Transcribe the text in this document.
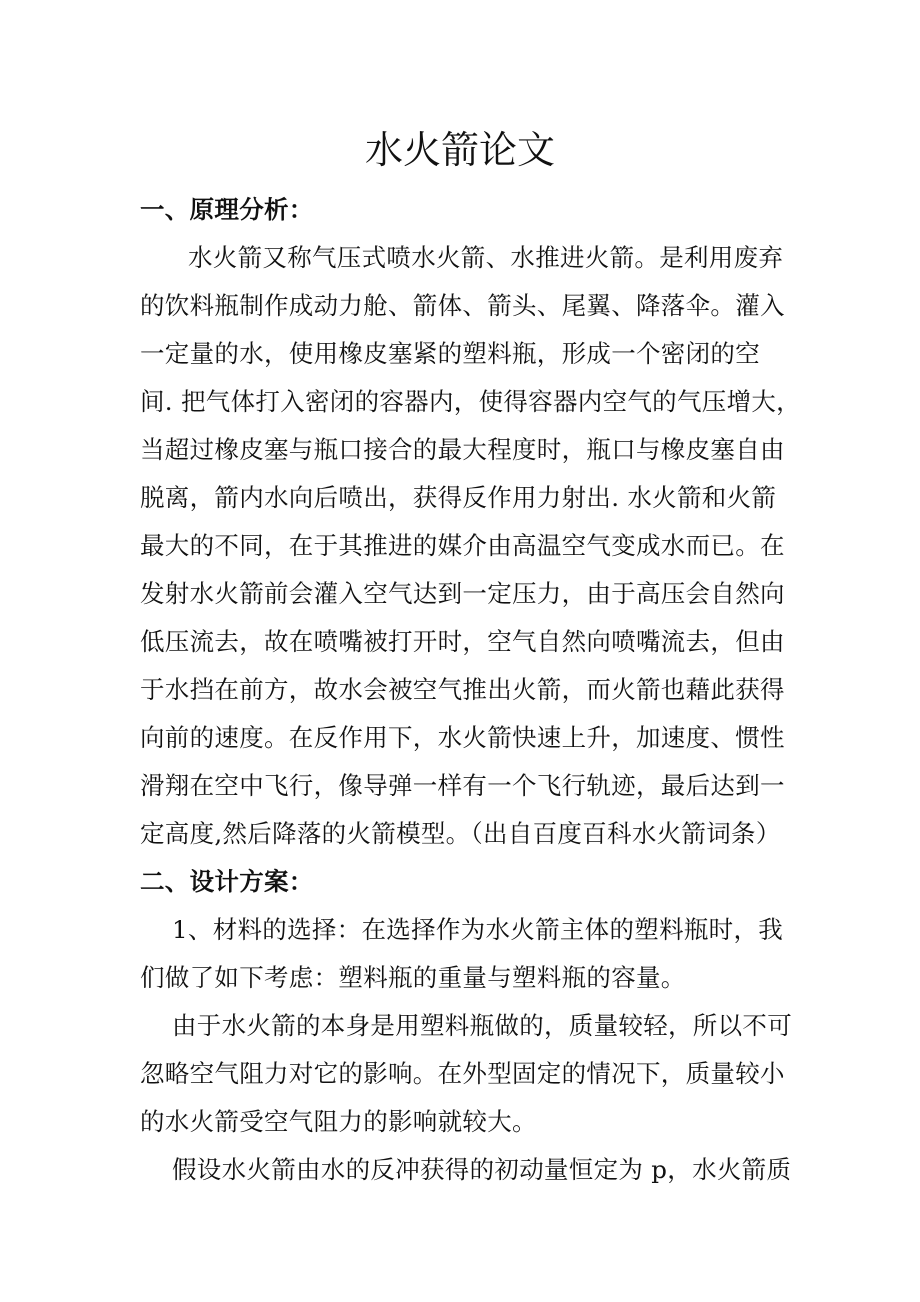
水火箭论文

一、原理分析：

水火箭又称气压式喷水火箭、水推进火箭。是利用废弃

的饮料瓶制作成动力舱、箭体、箭头、尾翼、降落伞。灌入

一定量的水，使用橡皮塞紧的塑料瓶，形成一个密闭的空

间. 把气体打入密闭的容器内，使得容器内空气的气压增大，

当超过橡皮塞与瓶口接合的最大程度时，瓶口与橡皮塞自由

脱离，箭内水向后喷出，获得反作用力射出. 水火箭和火箭

最大的不同，在于其推进的媒介由高温空气变成水而已。在

发射水火箭前会灌入空气达到一定压力，由于高压会自然向

低压流去，故在喷嘴被打开时，空气自然向喷嘴流去，但由

于水挡在前方，故水会被空气推出火箭，而火箭也藉此获得

向前的速度。在反作用下，水火箭快速上升，加速度、惯性

滑翔在空中飞行，像导弹一样有一个飞行轨迹，最后达到一

定高度,然后降落的火箭模型。（出自百度百科水火箭词条）

二、设计方案：

1、材料的选择：在选择作为水火箭主体的塑料瓶时，我

们做了如下考虑：塑料瓶的重量与塑料瓶的容量。

由于水火箭的本身是用塑料瓶做的，质量较轻，所以不可

忽略空气阻力对它的影响。在外型固定的情况下，质量较小

的水火箭受空气阻力的影响就较大。

假设水火箭由水的反冲获得的初动量恒定为 p，水火箭质
